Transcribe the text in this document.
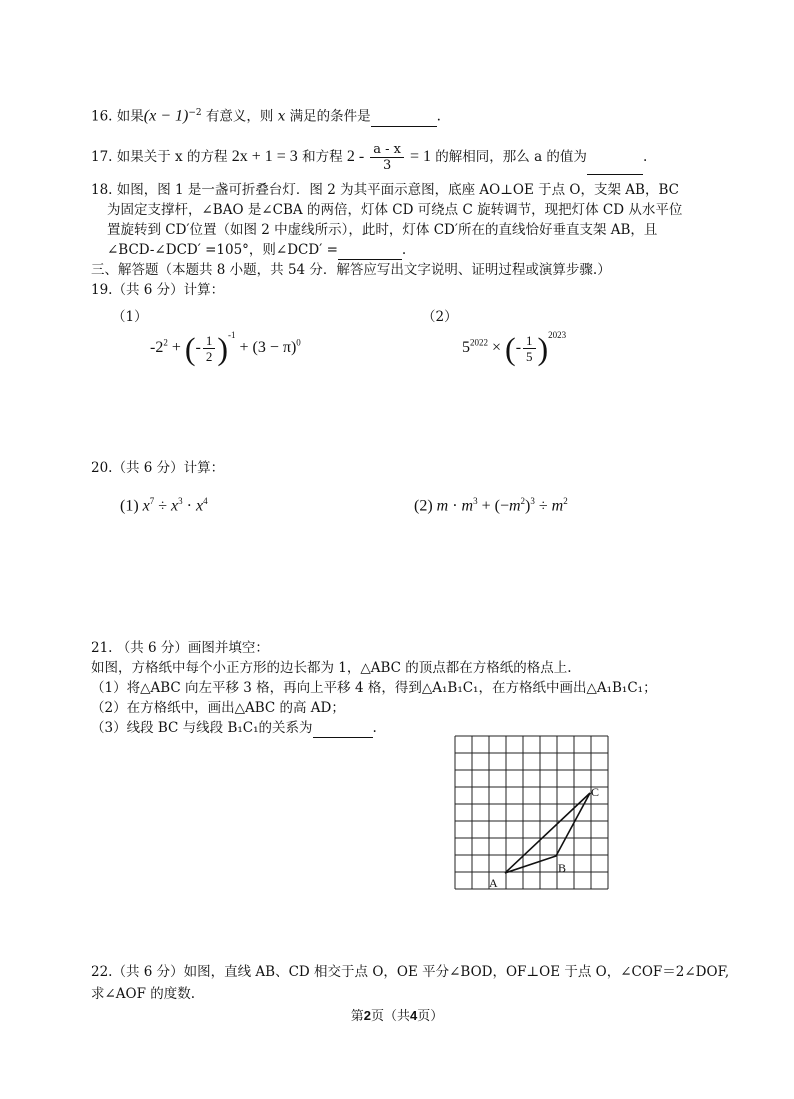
16. 如果$(x - 1)^{-2}$ 有意义，则 x 满足的条件是	.
17. 如果关于 x 的方程 2x + 1 = 3 和方程 $2 - \frac{a - x}{3} = 1$ 的解相同，那么 a 的值为	.
18. 如图，图 1 是一盏可折叠台灯．图 2 为其平面示意图，底座 AO⊥OE 于点 O，支架 AB，BC
为固定支撑杆，∠BAO 是∠CBA 的两倍，灯体 CD 可绕点 C 旋转调节，现把灯体 CD 从水平位
置旋转到 CD′位置（如图 2 中虚线所示），此时，灯体 CD′所在的直线恰好垂直支架 AB，且
∠BCD-∠DCD′ =105°，则∠DCD′ =	.
三、解答题（本题共 8 小题，共 54 分．解答应写出文字说明、证明过程或演算步骤.）
19.（共 6 分）计算：
（1）
$-2^2$ + (- $\frac{1}{2} )^{-1} + (3 - \pi)^0$
（2）
$5^{2022}$ × (- $\frac{1}{5} )^{2023}$
20.（共 6 分）计算：
(1) $x^7 \div x^3 \cdot x^4$	(2) $m \cdot m^3 + (-m^2)^3 \div m^2$
21. （共 6 分）画图并填空：
如图，方格纸中每个小正方形的边长都为 1，△ABC 的顶点都在方格纸的格点上.
（1）将△ABC 向左平移 3 格，再向上平移 4 格，得到△A₁B₁C₁，在方格纸中画出△A₁B₁C₁；
（2）在方格纸中，画出△ABC 的高 AD；
（3）线段 BC 与线段 B₁C₁的关系为	.
A
B
C
22.（共 6 分）如图，直线 AB、CD 相交于点 O，OE 平分∠BOD，OF⊥OE 于点 O，∠COF＝2∠DOF,
求∠AOF 的度数.
第2页（共4页）
